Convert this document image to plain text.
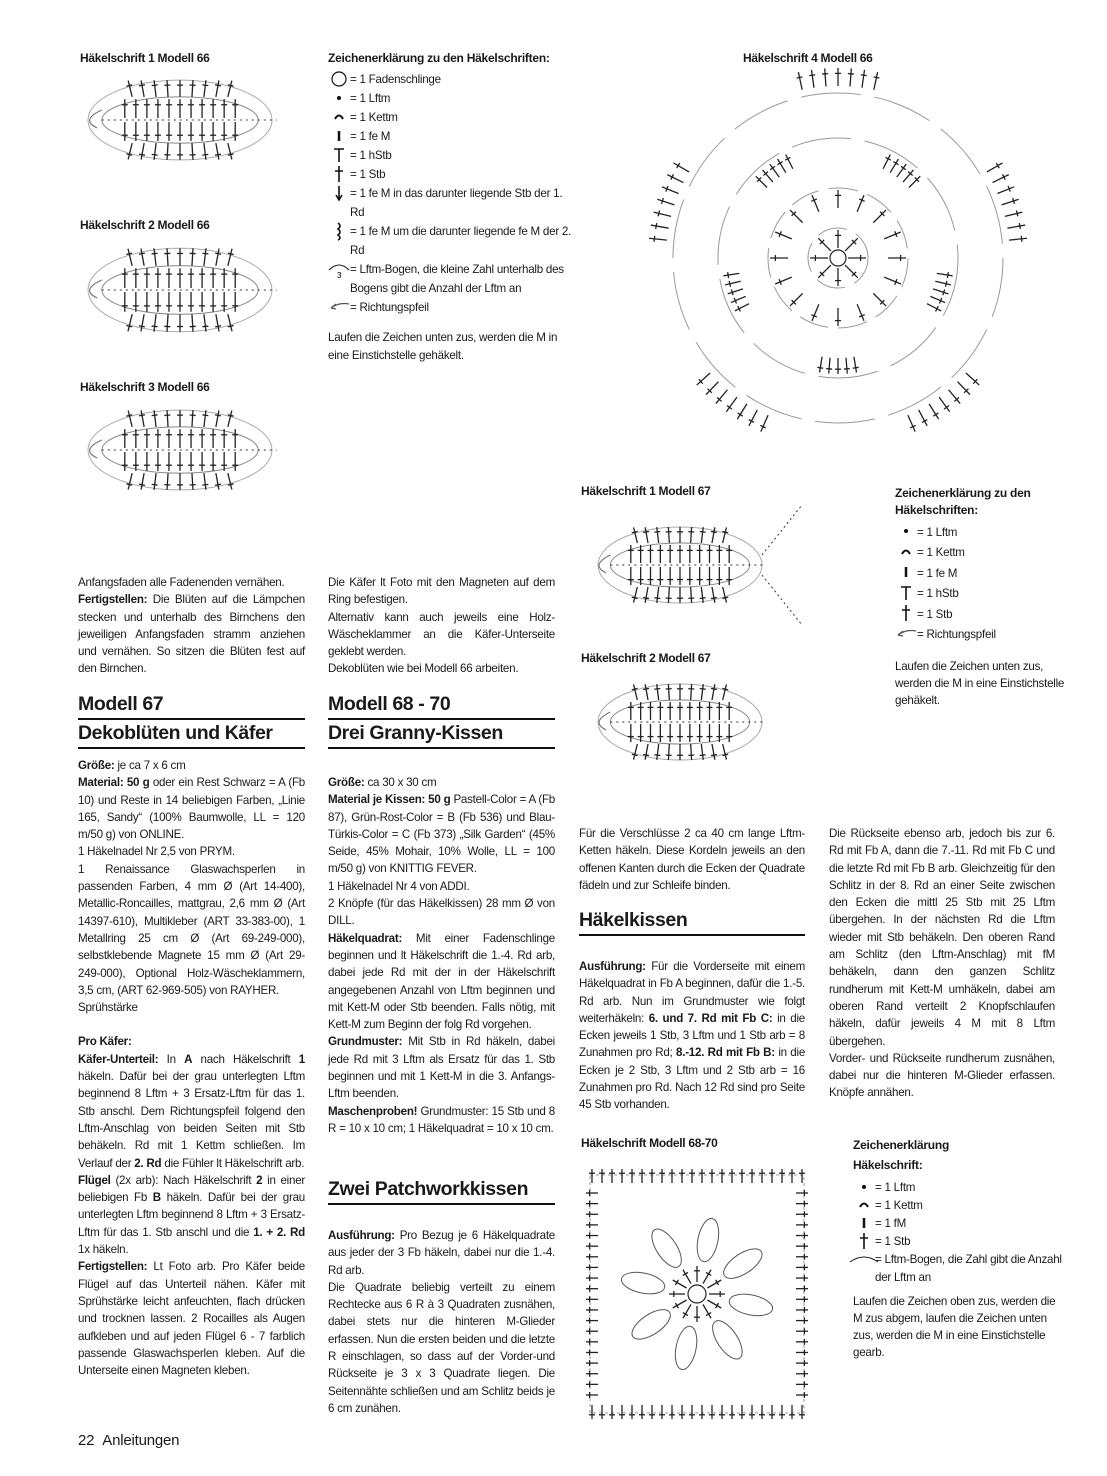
Häkelschrift 1 Modell 66
Häkelschrift 2 Modell 66
Häkelschrift 3 Modell 66
Zeichenerklärung zu den Häkelschriften:
= 1 Fadenschlinge
= 1 Lftm
= 1 Kettm
= 1 fe M
= 1 hStb
= 1 Stb
= 1 fe M in das darunter liegende Stb der 1. Rd
= 1 fe M um die darunter liegende fe M der 2. Rd
3 = Lftm-Bogen, die kleine Zahl unterhalb des Bogens gibt die Anzahl der Lftm an
= Richtungspfeil
Laufen die Zeichen unten zus, werden die M in eine Einstichstelle gehäkelt.
Häkelschrift 4 Modell 66

Anfangsfaden alle Fadenenden vernähen.

Fertigstellen: Die Blüten auf die Lämpchen stecken und unterhalb des Birnchens den jeweiligen Anfangsfaden stramm anziehen und vernähen. So sitzen die Blüten fest auf den Birnchen.

Die Käfer lt Foto mit den Magneten auf dem Ring befestigen.

Alternativ kann auch jeweils eine Holz-Wäscheklammer an die Käfer-Unterseite geklebt werden.

Dekoblüten wie bei Modell 66 arbeiten.

Modell 67
Dekoblüten und Käfer
Modell 68 - 70
Drei Granny-Kissen

Größe: je ca 7 x 6 cm

Material: 50 g oder ein Rest Schwarz = A (Fb 10) und Reste in 14 beliebigen Farben, „Linie 165, Sandy“ (100% Baumwolle, LL = 120 m/50 g) von ONLINE.

1 Häkelnadel Nr 2,5 von PRYM.

1 Renaissance Glaswachsperlen in passenden Farben, 4 mm Ø (Art 14-400), Metallic-Roncailles, mattgrau, 2,6 mm Ø (Art 14397-610), Multikleber (ART 33-383-00), 1 Metallring 25 cm Ø (Art 69-249-000), selbstklebende Magnete 15 mm Ø (Art 29-249-000), Optional Holz-Wäscheklammern, 3,5 cm, (ART 62-969-505) von RAYHER.

Sprühstärke

Pro Käfer:

Käfer-Unterteil: In A nach Häkelschrift 1 häkeln. Dafür bei der grau unterlegten Lftm beginnend 8 Lftm + 3 Ersatz-Lftm für das 1. Stb anschl. Dem Richtungspfeil folgend den Lftm-Anschlag von beiden Seiten mit Stb behäkeln. Rd mit 1 Kettm schließen. Im Verlauf der 2. Rd die Fühler lt Häkelschrift arb.

Flügel (2x arb): Nach Häkelschrift 2 in einer beliebigen Fb B häkeln. Dafür bei der grau unterlegten Lftm beginnend 8 Lftm + 3 Ersatz-Lftm für das 1. Stb anschl und die 1. + 2. Rd 1x häkeln.

Fertigstellen: Lt Foto arb. Pro Käfer beide Flügel auf das Unterteil nähen. Käfer mit Sprühstärke leicht anfeuchten, flach drücken und trocknen lassen. 2 Rocailles als Augen aufkleben und auf jeden Flügel 6 - 7 farblich passende Glaswachsperlen kleben. Auf die Unterseite einen Magneten kleben.

Größe: ca 30 x 30 cm

Material je Kissen: 50 g Pastell-Color = A (Fb 87), Grün-Rost-Color = B (Fb 536) und Blau-Türkis-Color = C (Fb 373) „Silk Garden“ (45% Seide, 45% Mohair, 10% Wolle, LL = 100 m/50 g) von KNITTIG FEVER.

1 Häkelnadel Nr 4 von ADDI.

2 Knöpfe (für das Häkelkissen) 28 mm Ø von DILL.

Häkelquadrat: Mit einer Fadenschlinge beginnen und lt Häkelschrift die 1.-4. Rd arb, dabei jede Rd mit der in der Häkelschrift angegebenen Anzahl von Lftm beginnen und mit Kett-M oder Stb beenden. Falls nötig, mit Kett-M zum Beginn der folg Rd vorgehen.

Grundmuster: Mit Stb in Rd häkeln, dabei jede Rd mit 3 Lftm als Ersatz für das 1. Stb beginnen und mit 1 Kett-M in die 3. Anfangs-Lftm beenden.

Maschenproben! Grundmuster: 15 Stb und 8 R = 10 x 10 cm; 1 Häkelquadrat = 10 x 10 cm.

Zwei Patchworkkissen

Ausführung: Pro Bezug je 6 Häkelquadrate aus jeder der 3 Fb häkeln, dabei nur die 1.-4. Rd arb.

Die Quadrate beliebig verteilt zu einem Rechtecke aus 6 R à 3 Quadraten zusnähen, dabei stets nur die hinteren M-Glieder erfassen. Nun die ersten beiden und die letzte R einschlagen, so dass auf der Vorder-und Rückseite je 3 x 3 Quadrate liegen. Die Seitennähte schließen und am Schlitz beids je 6 cm zunähen.

Häkelschrift 1 Modell 67
Häkelschrift 2 Modell 67
Zeichenerklärung zu den Häkelschriften:
= 1 Lftm
= 1 Kettm
= 1 fe M
= 1 hStb
= 1 Stb
= Richtungspfeil
Laufen die Zeichen unten zus, werden die M in eine Einstichstelle gehäkelt.

Für die Verschlüsse 2 ca 40 cm lange Lftm-Ketten häkeln. Diese Kordeln jeweils an den offenen Kanten durch die Ecken der Quadrate fädeln und zur Schleife binden.

Häkelkissen

Ausführung: Für die Vorderseite mit einem Häkelquadrat in Fb A beginnen, dafür die 1.-5. Rd arb. Nun im Grundmuster wie folgt weiterhäkeln: 6. und 7. Rd mit Fb C: in die Ecken jeweils 1 Stb, 3 Lftm und 1 Stb arb = 8 Zunahmen pro Rd; 8.-12. Rd mit Fb B: in die Ecken je 2 Stb, 3 Lftm und 2 Stb arb = 16 Zunahmen pro Rd. Nach 12 Rd sind pro Seite 45 Stb vorhanden.

Die Rückseite ebenso arb, jedoch bis zur 6. Rd mit Fb A, dann die 7.-11. Rd mit Fb C und die letzte Rd mit Fb B arb. Gleichzeitig für den Schlitz in der 8. Rd an einer Seite zwischen den Ecken die mittl 25 Stb mit 25 Lftm übergehen. In der nächsten Rd die Lftm wieder mit Stb behäkeln. Den oberen Rand am Schlitz (den Lftm-Anschlag) mit fM behäkeln, dann den ganzen Schlitz rundherum mit Kett-M umhäkeln, dabei am oberen Rand verteilt 2 Knopfschlaufen häkeln, dafür jeweils 4 M mit 8 Lftm übergehen.

Vorder- und Rückseite rundherum zusnähen, dabei nur die hinteren M-Glieder erfassen. Knöpfe annähen.

Häkelschrift Modell 68-70	Zeichenerklärung
Häkelschrift:
= 1 Lftm
= 1 Kettm
= 1 fM
= 1 Stb
= Lftm-Bogen, die Zahl gibt die Anzahl der Lftm an
Laufen die Zeichen oben zus, werden die M zus abgem, laufen die Zeichen unten zus, werden die M in eine Einstichstelle gearb.
22 Anleitungen
